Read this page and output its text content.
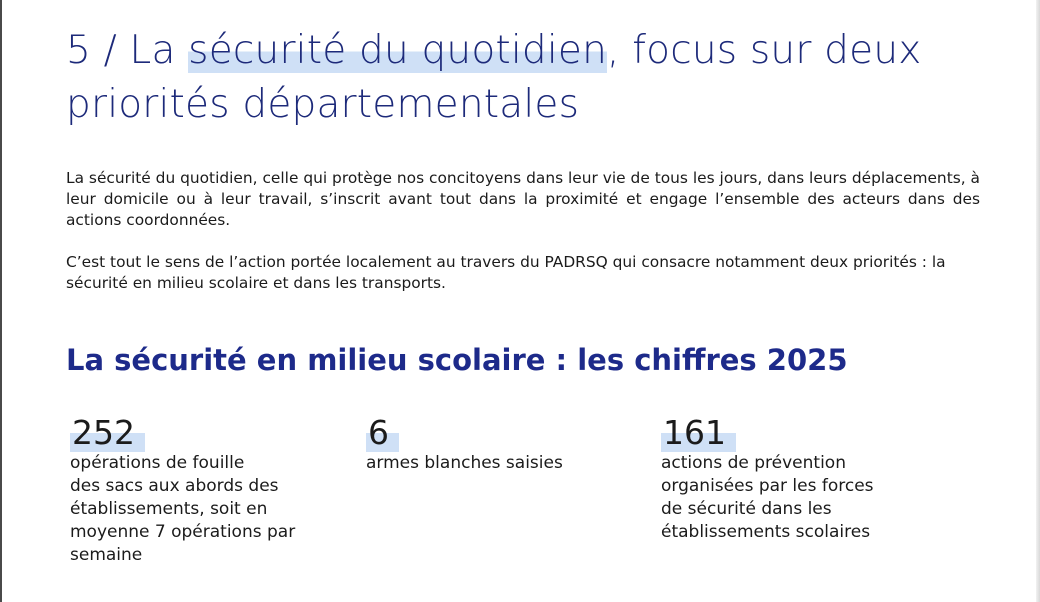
5 / La sécurité du quotidien, focus sur deux priorités départementales

La sécurité du quotidien, celle qui protège nos concitoyens dans leur vie de tous les jours, dans leurs déplacements, à leur domicile ou à leur travail, s’inscrit avant tout dans la proximité et engage l’ensemble des acteurs dans des actions coordonnées.

C’est tout le sens de l’action portée localement au travers du PADRSQ qui consacre notamment deux priorités : la sécurité en milieu scolaire et dans les transports.

La sécurité en milieu scolaire : les chiffres 2025
252

opérations de fouille
des sacs aux abords des
établissements, soit en
moyenne 7 opérations par
semaine

6

armes blanches saisies

161

actions de prévention
organisées par les forces
de sécurité dans les
établissements scolaires
